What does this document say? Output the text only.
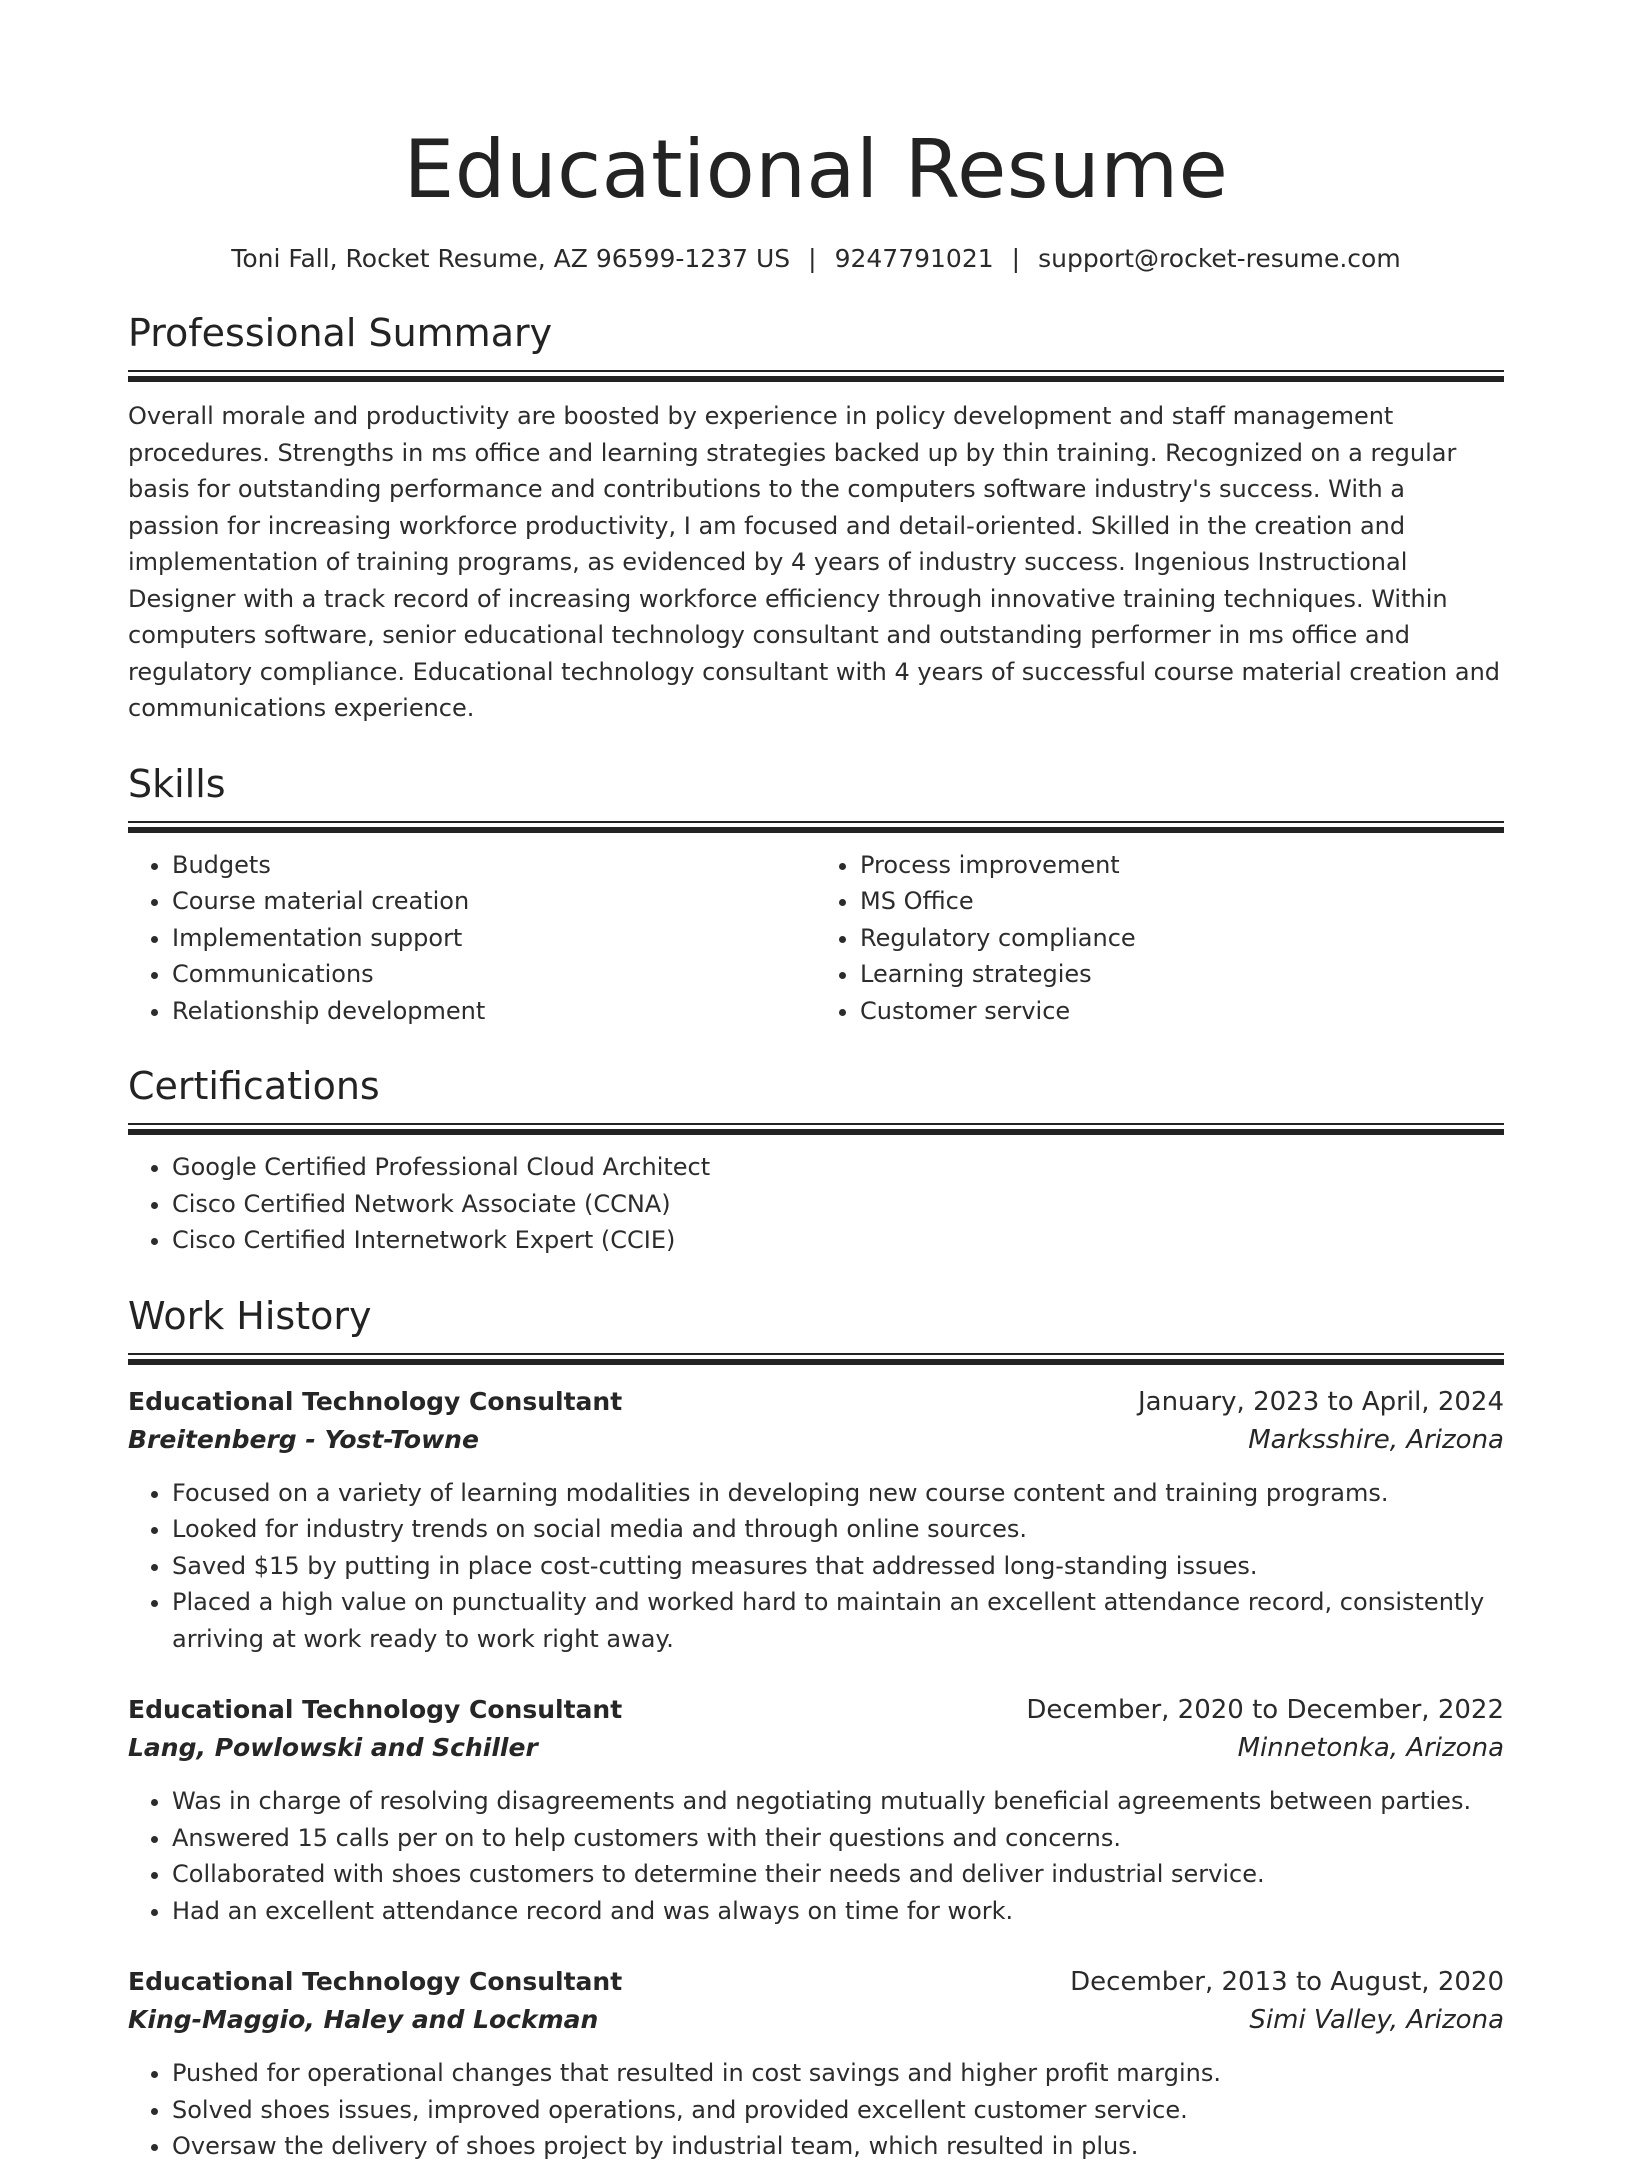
Educational Resume
Toni Fall, Rocket Resume, AZ 96599-1237 US | 9247791021 | support@rocket-resume.com
Professional Summary

Overall morale and productivity are boosted by experience in policy development and staff management procedures. Strengths in ms office and learning strategies backed up by thin training. Recognized on a regular basis for outstanding performance and contributions to the computers software industry's success. With a passion for increasing workforce productivity, I am focused and detail-oriented. Skilled in the creation and implementation of training programs, as evidenced by 4 years of industry success. Ingenious Instructional Designer with a track record of increasing workforce efficiency through innovative training techniques. Within computers software, senior educational technology consultant and outstanding performer in ms office and regulatory compliance. Educational technology consultant with 4 years of successful course material creation and communications experience.

Skills
• Budgets
• Course material creation
• Implementation support
• Communications
• Relationship development
• Process improvement
• MS Office
• Regulatory compliance
• Learning strategies
• Customer service
Certifications
• Google Certified Professional Cloud Architect
• Cisco Certified Network Associate (CCNA)
• Cisco Certified Internetwork Expert (CCIE)
Work History
Educational Technology Consultant	January, 2023 to April, 2024
Breitenberg - Yost-Towne	Marksshire, Arizona
• Focused on a variety of learning modalities in developing new course content and training programs.
• Looked for industry trends on social media and through online sources.
• Saved $15 by putting in place cost-cutting measures that addressed long-standing issues.
• Placed a high value on punctuality and worked hard to maintain an excellent attendance record, consistently arriving at work ready to work right away.
Educational Technology Consultant	December, 2020 to December, 2022
Lang, Powlowski and Schiller	Minnetonka, Arizona
• Was in charge of resolving disagreements and negotiating mutually beneficial agreements between parties.
• Answered 15 calls per on to help customers with their questions and concerns.
• Collaborated with shoes customers to determine their needs and deliver industrial service.
• Had an excellent attendance record and was always on time for work.
Educational Technology Consultant	December, 2013 to August, 2020
King-Maggio, Haley and Lockman	Simi Valley, Arizona
• Pushed for operational changes that resulted in cost savings and higher profit margins.
• Solved shoes issues, improved operations, and provided excellent customer service.
• Oversaw the delivery of shoes project by industrial team, which resulted in plus.
